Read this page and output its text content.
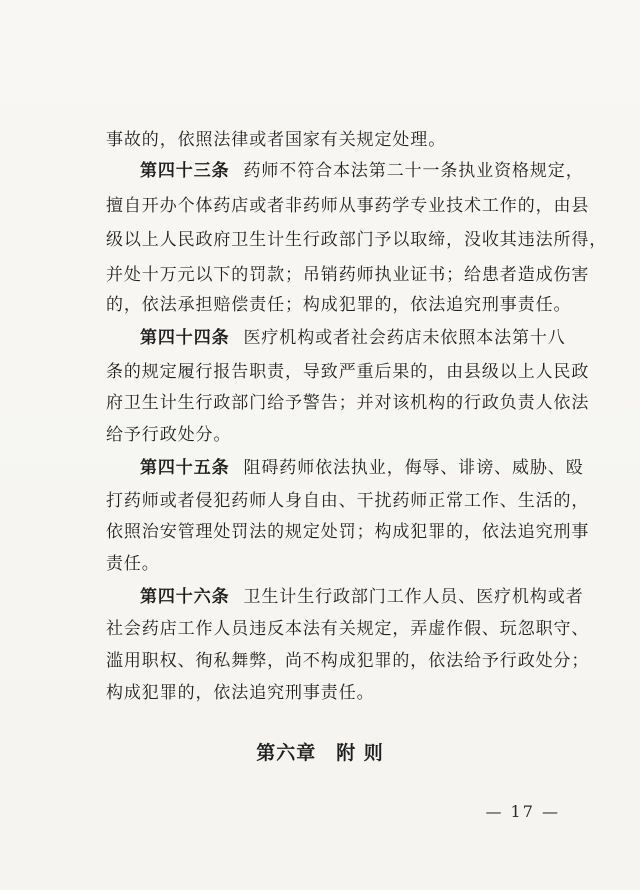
事故的，依照法律或者国家有关规定处理。
第四十三条 药师不符合本法第二十一条执业资格规定，
擅自开办个体药店或者非药师从事药学专业技术工作的，由县
级以上人民政府卫生计生行政部门予以取缔，没收其违法所得，
并处十万元以下的罚款；吊销药师执业证书；给患者造成伤害
的，依法承担赔偿责任；构成犯罪的，依法追究刑事责任。
第四十四条 医疗机构或者社会药店未依照本法第十八
条的规定履行报告职责，导致严重后果的，由县级以上人民政
府卫生计生行政部门给予警告；并对该机构的行政负责人依法
给予行政处分。
第四十五条 阻碍药师依法执业，侮辱、诽谤、威胁、殴
打药师或者侵犯药师人身自由、干扰药师正常工作、生活的，
依照治安管理处罚法的规定处罚；构成犯罪的，依法追究刑事
责任。
第四十六条 卫生计生行政部门工作人员、医疗机构或者
社会药店工作人员违反本法有关规定，弄虚作假、玩忽职守、
滥用职权、徇私舞弊，尚不构成犯罪的，依法给予行政处分；
构成犯罪的，依法追究刑事责任。
第六章　附 则
— 17 —
